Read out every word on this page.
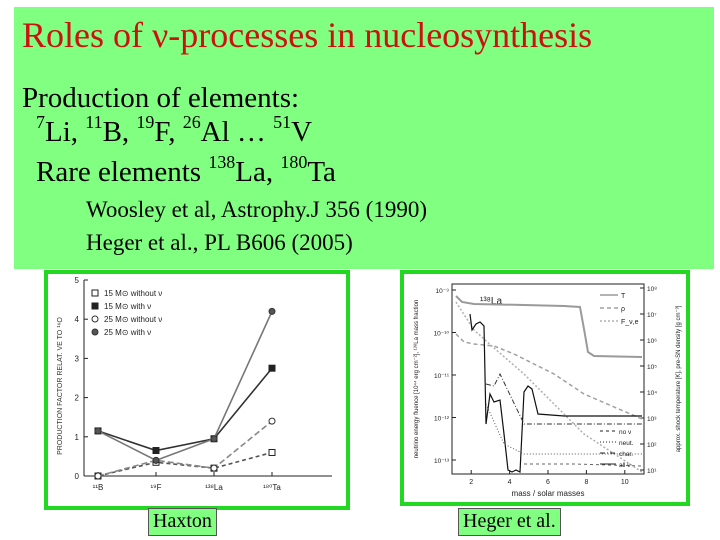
Roles of ν-processes in nucleosynthesis
Production of elements:
$^7$Li, $^{11}$B, $^{19}$F, $^{26}$Al … $^{51}$V
Rare elements $^{138}$La, $^{180}$Ta
Woosley et al, Astrophy.J 356 (1990)
Heger et al., PL B606 (2005)
0
1
2
3
4
5
¹¹B	¹⁹F	¹³⁸La	¹⁸⁰Ta
15 M⊙ without ν
15 M⊙ with ν
25 M⊙ without ν
25 M⊙ with ν
PRODUCTION FACTOR RELAT. VE TO ¹⁶O
Haxton
2	4	6	8	10
10⁻⁹
10⁻¹⁰
10⁻¹¹
10⁻¹²
10⁻¹³
10⁸
10⁷
10⁶
10⁵
10⁴
10³
10²
10¹
mass / solar masses
neutrino energy fluence [10⁴⁴ erg cm⁻²], ¹³⁸La mass fraction	approx. shock temperature [K], pre-SN density [g cm⁻³]
¹³⁸La	T
ρ
F_ν,e
no ν
neut.
char.
all ν
Heger et al.
